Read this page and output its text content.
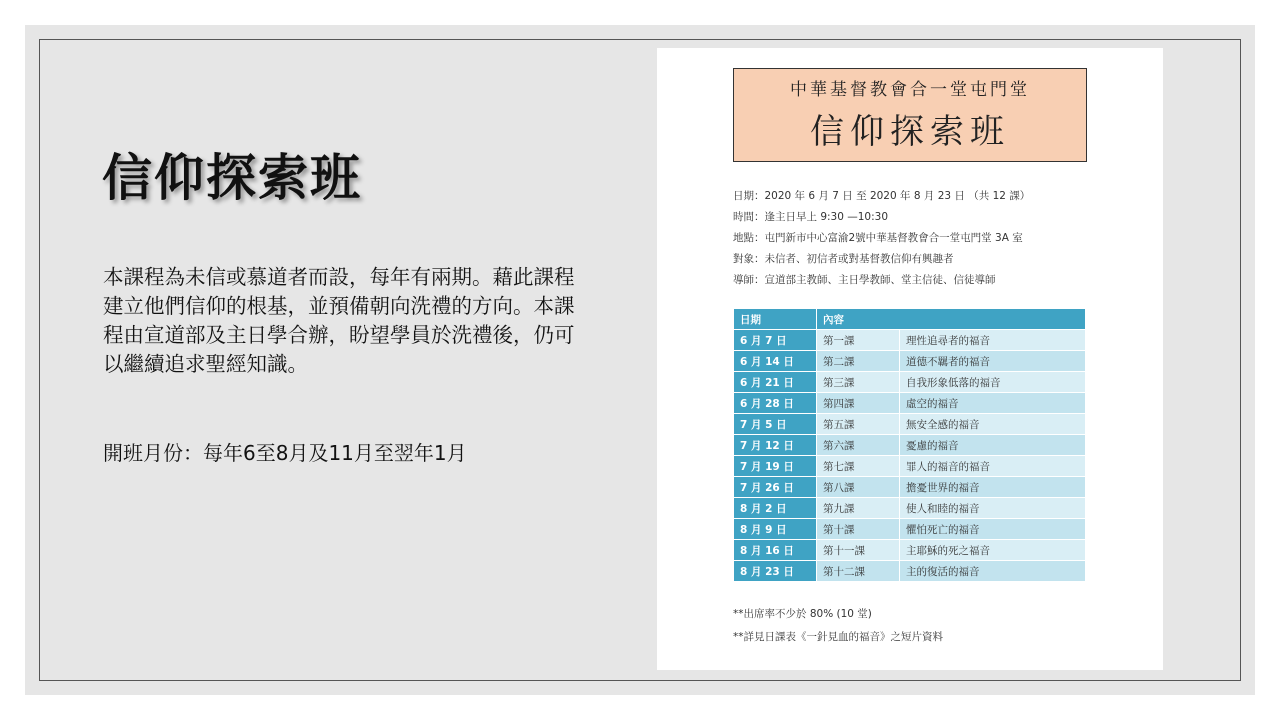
信仰探索班
本課程為未信或慕道者而設，每年有兩期。藉此課程建立他們信仰的根基，並預備朝向洗禮的方向。本課程由宣道部及主日學合辦，盼望學員於洗禮後，仍可以繼續追求聖經知識。
開班月份：每年6至8月及11月至翌年1月
中華基督教會合一堂屯門堂
信仰探索班
日期：2020 年 6 月 7 日 至 2020 年 8 月 23 日 （共 12 課）
時間：逢主日早上 9:30 —10:30
地點：屯門新市中心富渝2號中華基督教會合一堂屯門堂 3A 室
對象：未信者、初信者或對基督教信仰有興趣者
導師：宣道部主教師、主日學教師、堂主信徒、信徒導師
日期	內容	
6 月 7 日	第一課	理性追尋者的福音
6 月 14 日	第二課	道德不羈者的福音
6 月 21 日	第三課	自我形象低落的福音
6 月 28 日	第四課	虛空的福音
7 月 5 日	第五課	無安全感的福音
7 月 12 日	第六課	憂慮的福音
7 月 19 日	第七課	罪人的福音的福音
7 月 26 日	第八課	擔憂世界的福音
8 月 2 日	第九課	使人和睦的福音
8 月 9 日	第十課	懼怕死亡的福音
8 月 16 日	第十一課	主耶穌的死之福音
8 月 23 日	第十二課	主的復活的福音
**出席率不少於 80% (10 堂)
**詳見日課表《一針見血的福音》之短片資料
